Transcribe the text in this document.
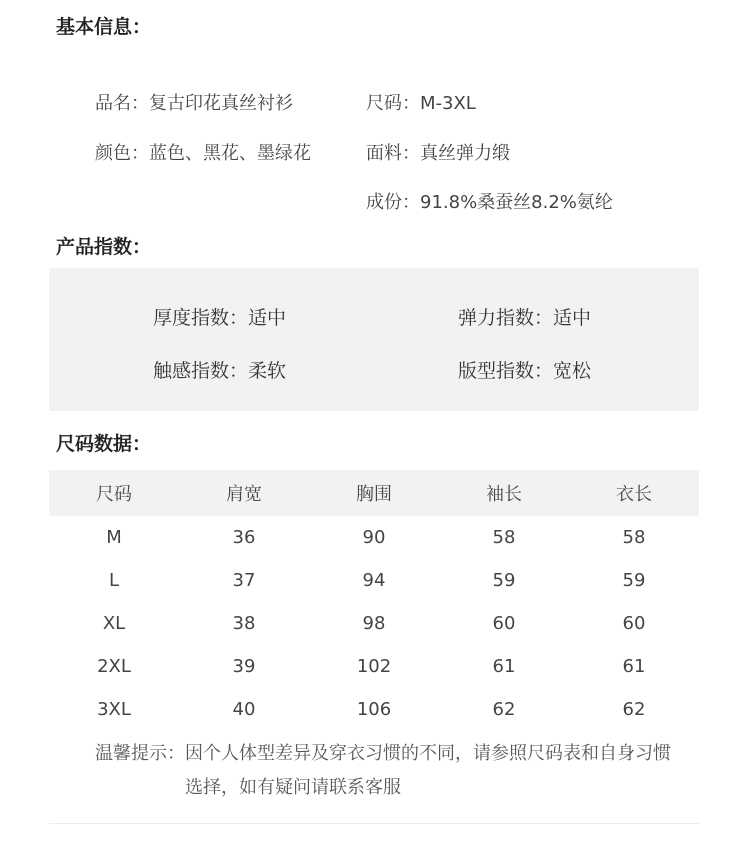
基本信息：
品名：复古印花真丝衬衫	尺码：M-3XL
颜色：蓝色、黑花、墨绿花	面料：真丝弹力缎
成份：91.8%桑蚕丝8.2%氨纶
产品指数：
厚度指数：适中	弹力指数：适中
触感指数：柔软	版型指数：宽松
尺码数据：
尺码	肩宽	胸围	袖长	衣长
M	36	90	58	58
L	37	94	59	59
XL	38	98	60	60
2XL	39	102	61	61
3XL	40	106	62	62
温馨提示：因个人体型差异及穿衣习惯的不同，请参照尺码表和自身习惯
选择，如有疑问请联系客服
